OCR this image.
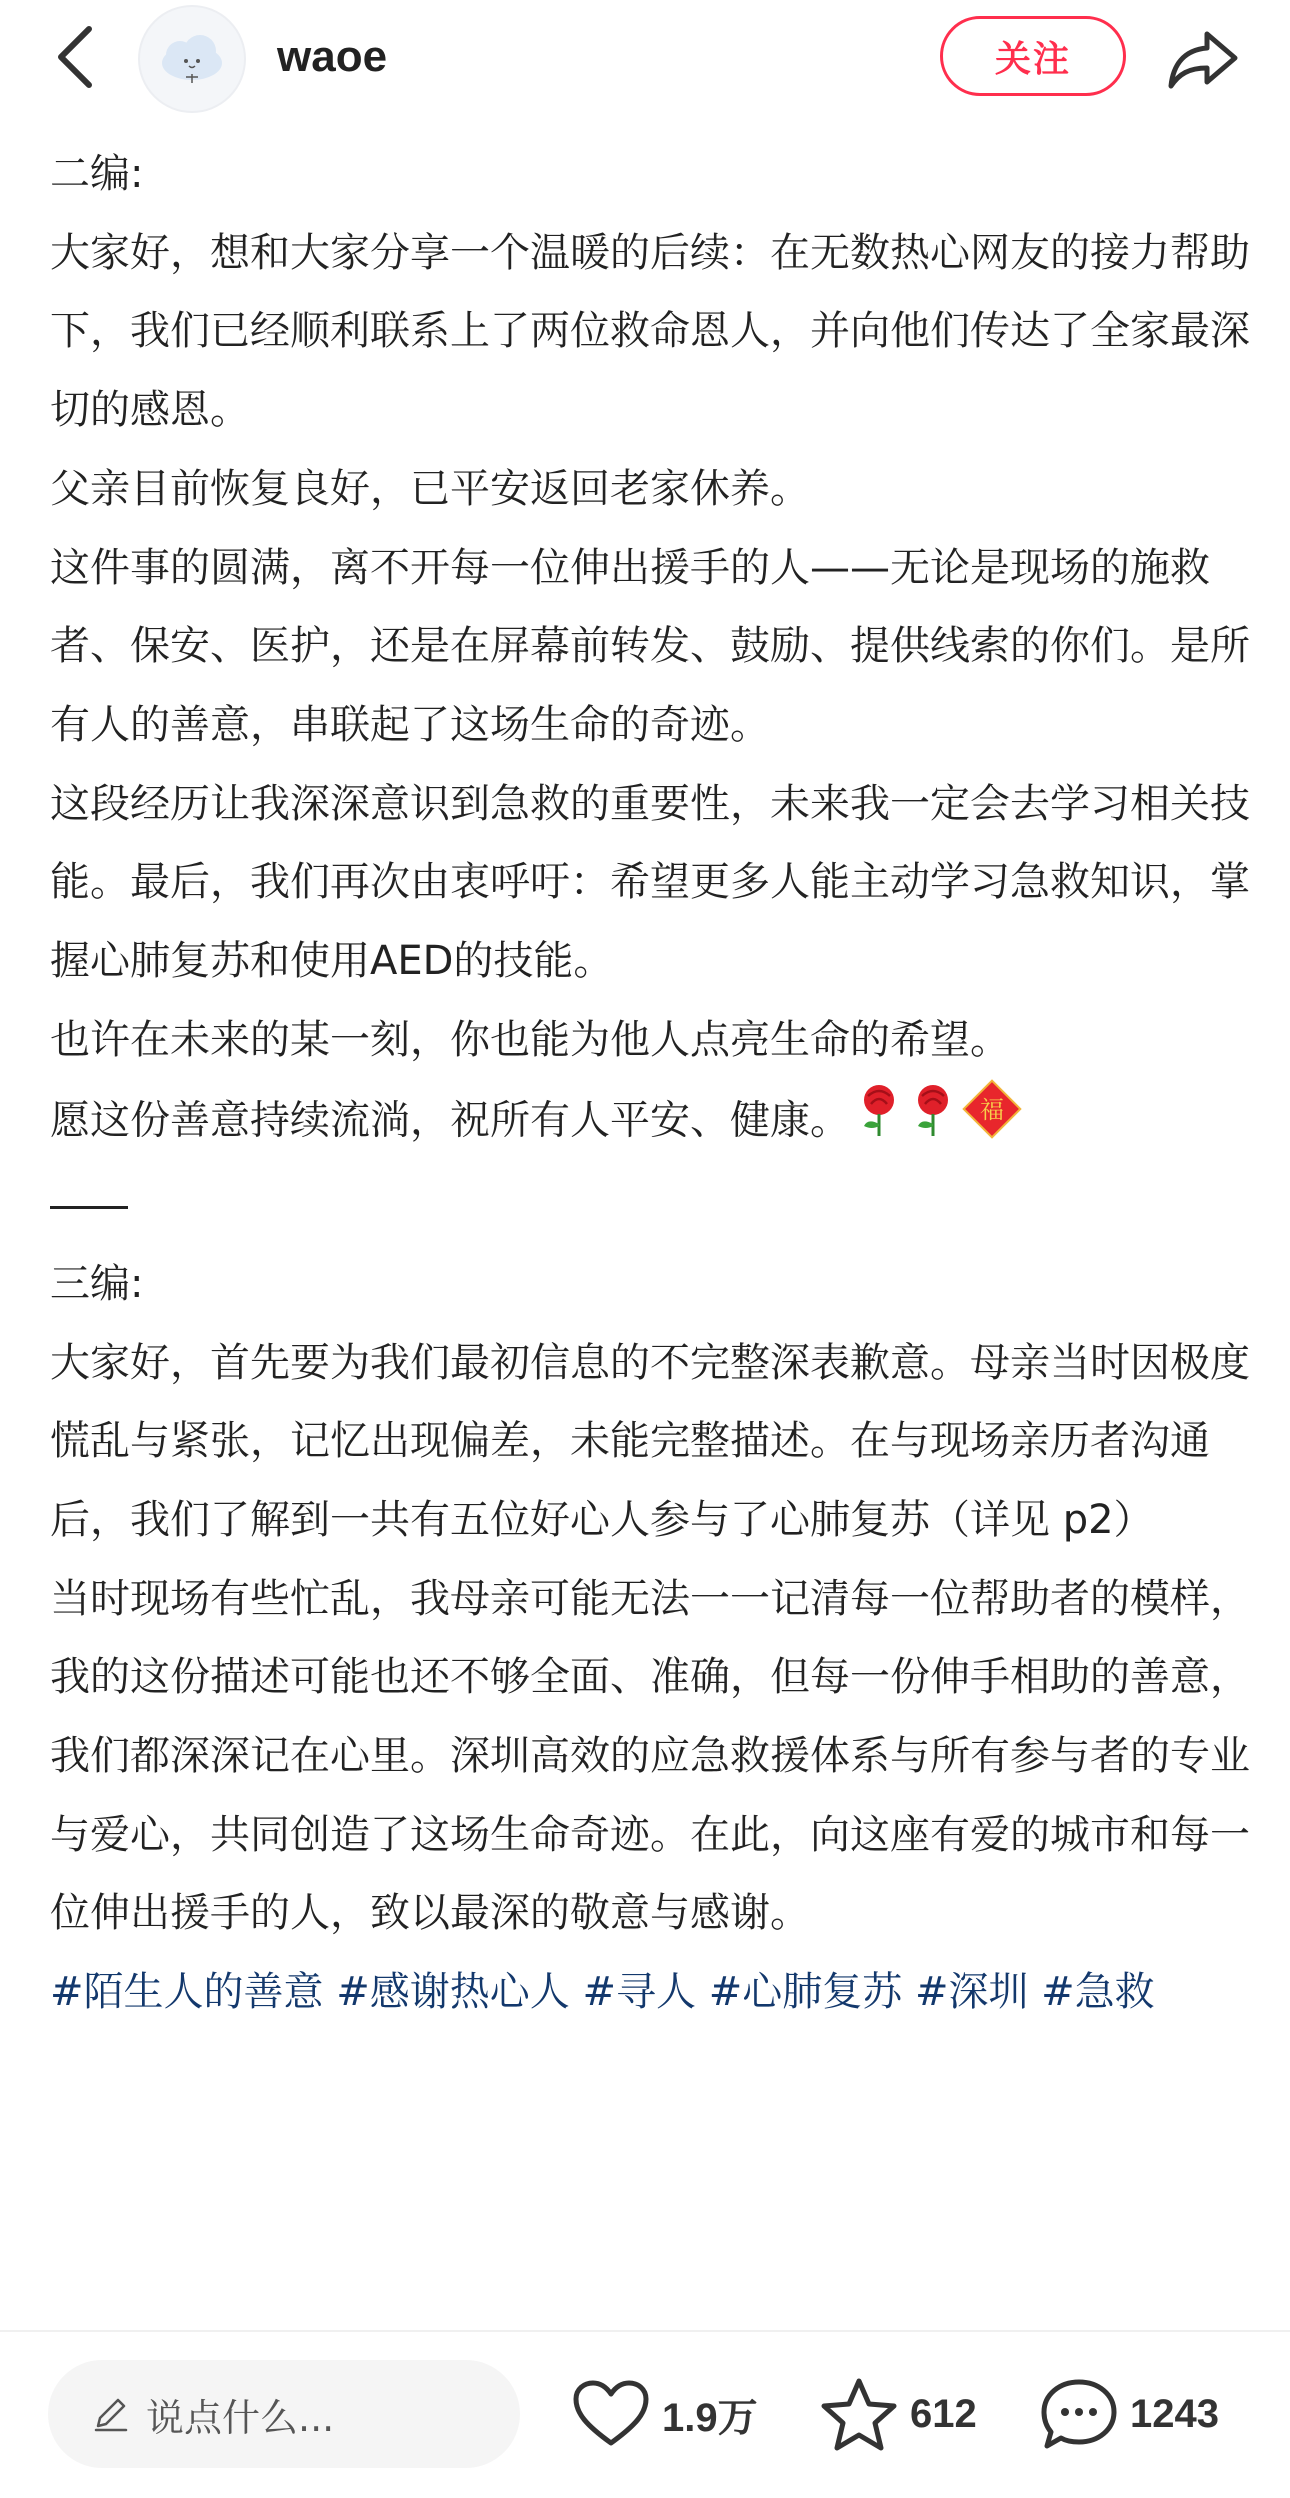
waoe	关注

二编:

大家好，想和大家分享一个温暖的后续：在无数热心网友的接力帮助下，我们已经顺利联系上了两位救命恩人，并向他们传达了全家最深切的感恩。

父亲目前恢复良好，已平安返回老家休养。

这件事的圆满，离不开每一位伸出援手的人——无论是现场的施救者、保安、医护，还是在屏幕前转发、鼓励、提供线索的你们。是所有人的善意，串联起了这场生命的奇迹。

这段经历让我深深意识到急救的重要性，未来我一定会去学习相关技能。最后，我们再次由衷呼吁：希望更多人能主动学习急救知识，掌握心肺复苏和使用AED的技能。

也许在未来的某一刻，你也能为他人点亮生命的希望。

愿这份善意持续流淌，祝所有人平安、健康。	福

三编:

大家好，首先要为我们最初信息的不完整深表歉意。母亲当时因极度慌乱与紧张，记忆出现偏差，未能完整描述。在与现场亲历者沟通后，我们了解到一共有五位好心人参与了心肺复苏（详见 p2）

当时现场有些忙乱，我母亲可能无法一一记清每一位帮助者的模样，我的这份描述可能也还不够全面、准确，但每一份伸手相助的善意，我们都深深记在心里。深圳高效的应急救援体系与所有参与者的专业与爱心，共同创造了这场生命奇迹。在此，向这座有爱的城市和每一位伸出援手的人，致以最深的敬意与感谢。

#陌生人的善意 #感谢热心人 #寻人 #心肺复苏 #深圳 #急救

说点什么...	1.9万	612	1243
